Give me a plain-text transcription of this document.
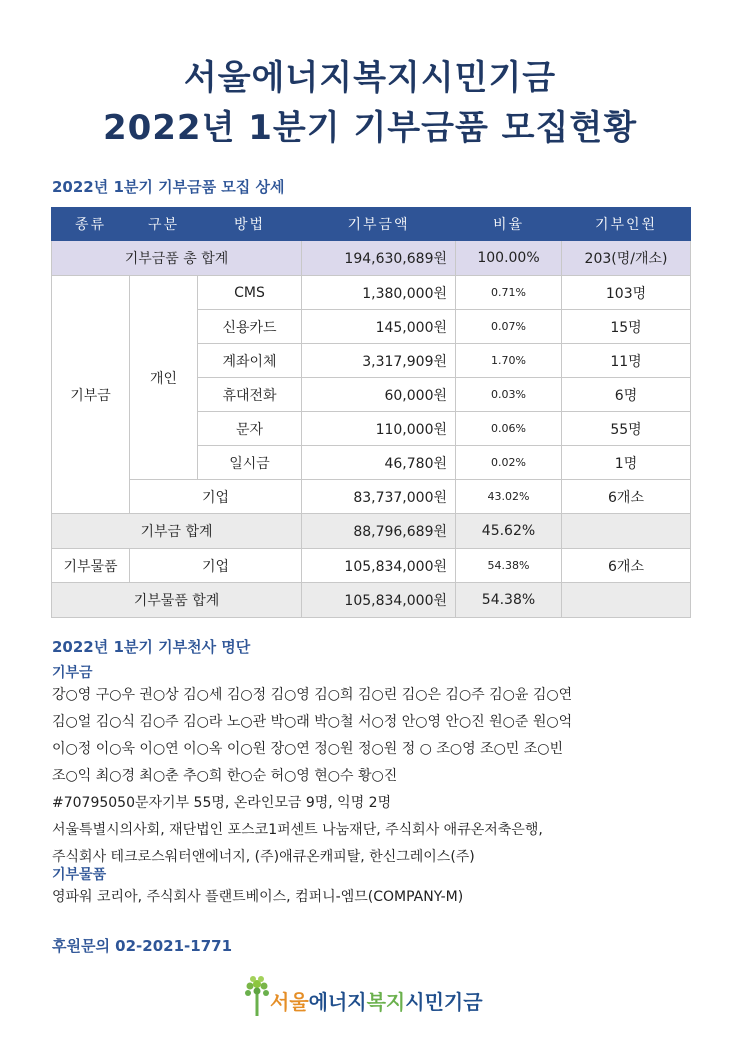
서울에너지복지시민기금
2022년 1분기 기부금품 모집현황
2022년 1분기 기부금품 모집 상세
종류	구분	방법	기부금액	비율	기부인원
기부금품 총 합계			194,630,689원	100.00%	203(명/개소)
기부금	개인	CMS	1,380,000원	0.71%	103명
		신용카드	145,000원	0.07%	15명
		계좌이체	3,317,909원	1.70%	11명
		휴대전화	60,000원	0.03%	6명
		문자	110,000원	0.06%	55명
		일시금	46,780원	0.02%	1명
	기업		83,737,000원	43.02%	6개소
기부금 합계			88,796,689원	45.62%	
기부물품	기업		105,834,000원	54.38%	6개소
기부물품 합계			105,834,000원	54.38%	
2022년 1분기 기부천사 명단
기부금
강○영 구○우 권○상 김○세 김○정 김○영 김○희 김○린 김○은 김○주 김○윤 김○연
김○얼 김○식 김○주 김○라 노○관 박○래 박○철 서○정 안○영 안○진 원○준 원○억
이○정 이○욱 이○연 이○옥 이○원 장○연 정○원 정○원 정 ○ 조○영 조○민 조○빈
조○익 최○경 최○춘 추○희 한○순 허○영 현○수 황○진
#70795050문자기부 55명, 온라인모금 9명, 익명 2명
서울특별시의사회, 재단법인 포스코1퍼센트 나눔재단, 주식회사 애큐온저축은행,
주식회사 테크로스워터앤에너지, (주)애큐온캐피탈, 한신그레이스(주)
기부물품
영파워 코리아, 주식회사 플랜트베이스, 컴퍼니-엠므(COMPANY-M)
후원문의 02-2021-1771
서울에너지복지시민기금
